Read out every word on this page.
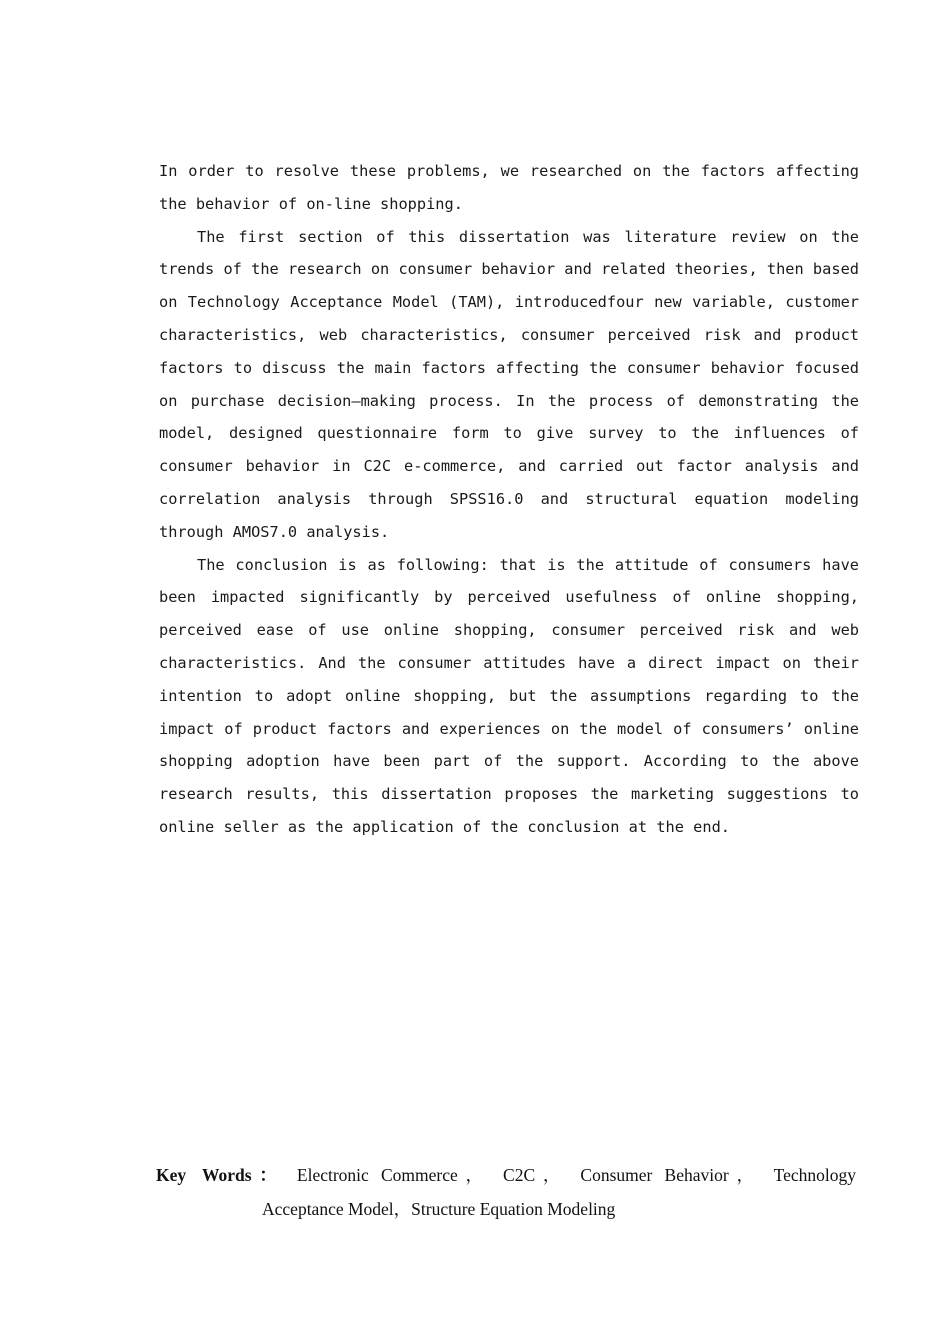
In order to resolve these problems, we researched on the factors affecting the behavior of on-line shopping.

The first section of this dissertation was literature review on the trends of the research on consumer behavior and related theories, then based on Technology Acceptance Model (TAM), introducedfour new variable, customer characteristics, web characteristics, consumer perceived risk and product factors to discuss the main factors affecting the consumer behavior focused on purchase decision—making process. In the process of demonstrating the model, designed questionnaire form to give survey to the influences of consumer behavior in C2C e-commerce, and carried out factor analysis and correlation analysis through SPSS16.0 and structural equation modeling through AMOS7.0 analysis.

The conclusion is as following: that is the attitude of consumers have been impacted significantly by perceived usefulness of online shopping, perceived ease of use online shopping, consumer perceived risk and web characteristics. And the consumer attitudes have a direct impact on their intention to adopt online shopping, but the assumptions regarding to the impact of product factors and experiences on the model of consumers’ online shopping adoption have been part of the support. According to the above research results, this dissertation proposes the marketing suggestions to online seller as the application of the conclusion at the end.

Key Words： Electronic Commerce， C2C， Consumer Behavior， Technology
Acceptance Model，Structure Equation Modeling
